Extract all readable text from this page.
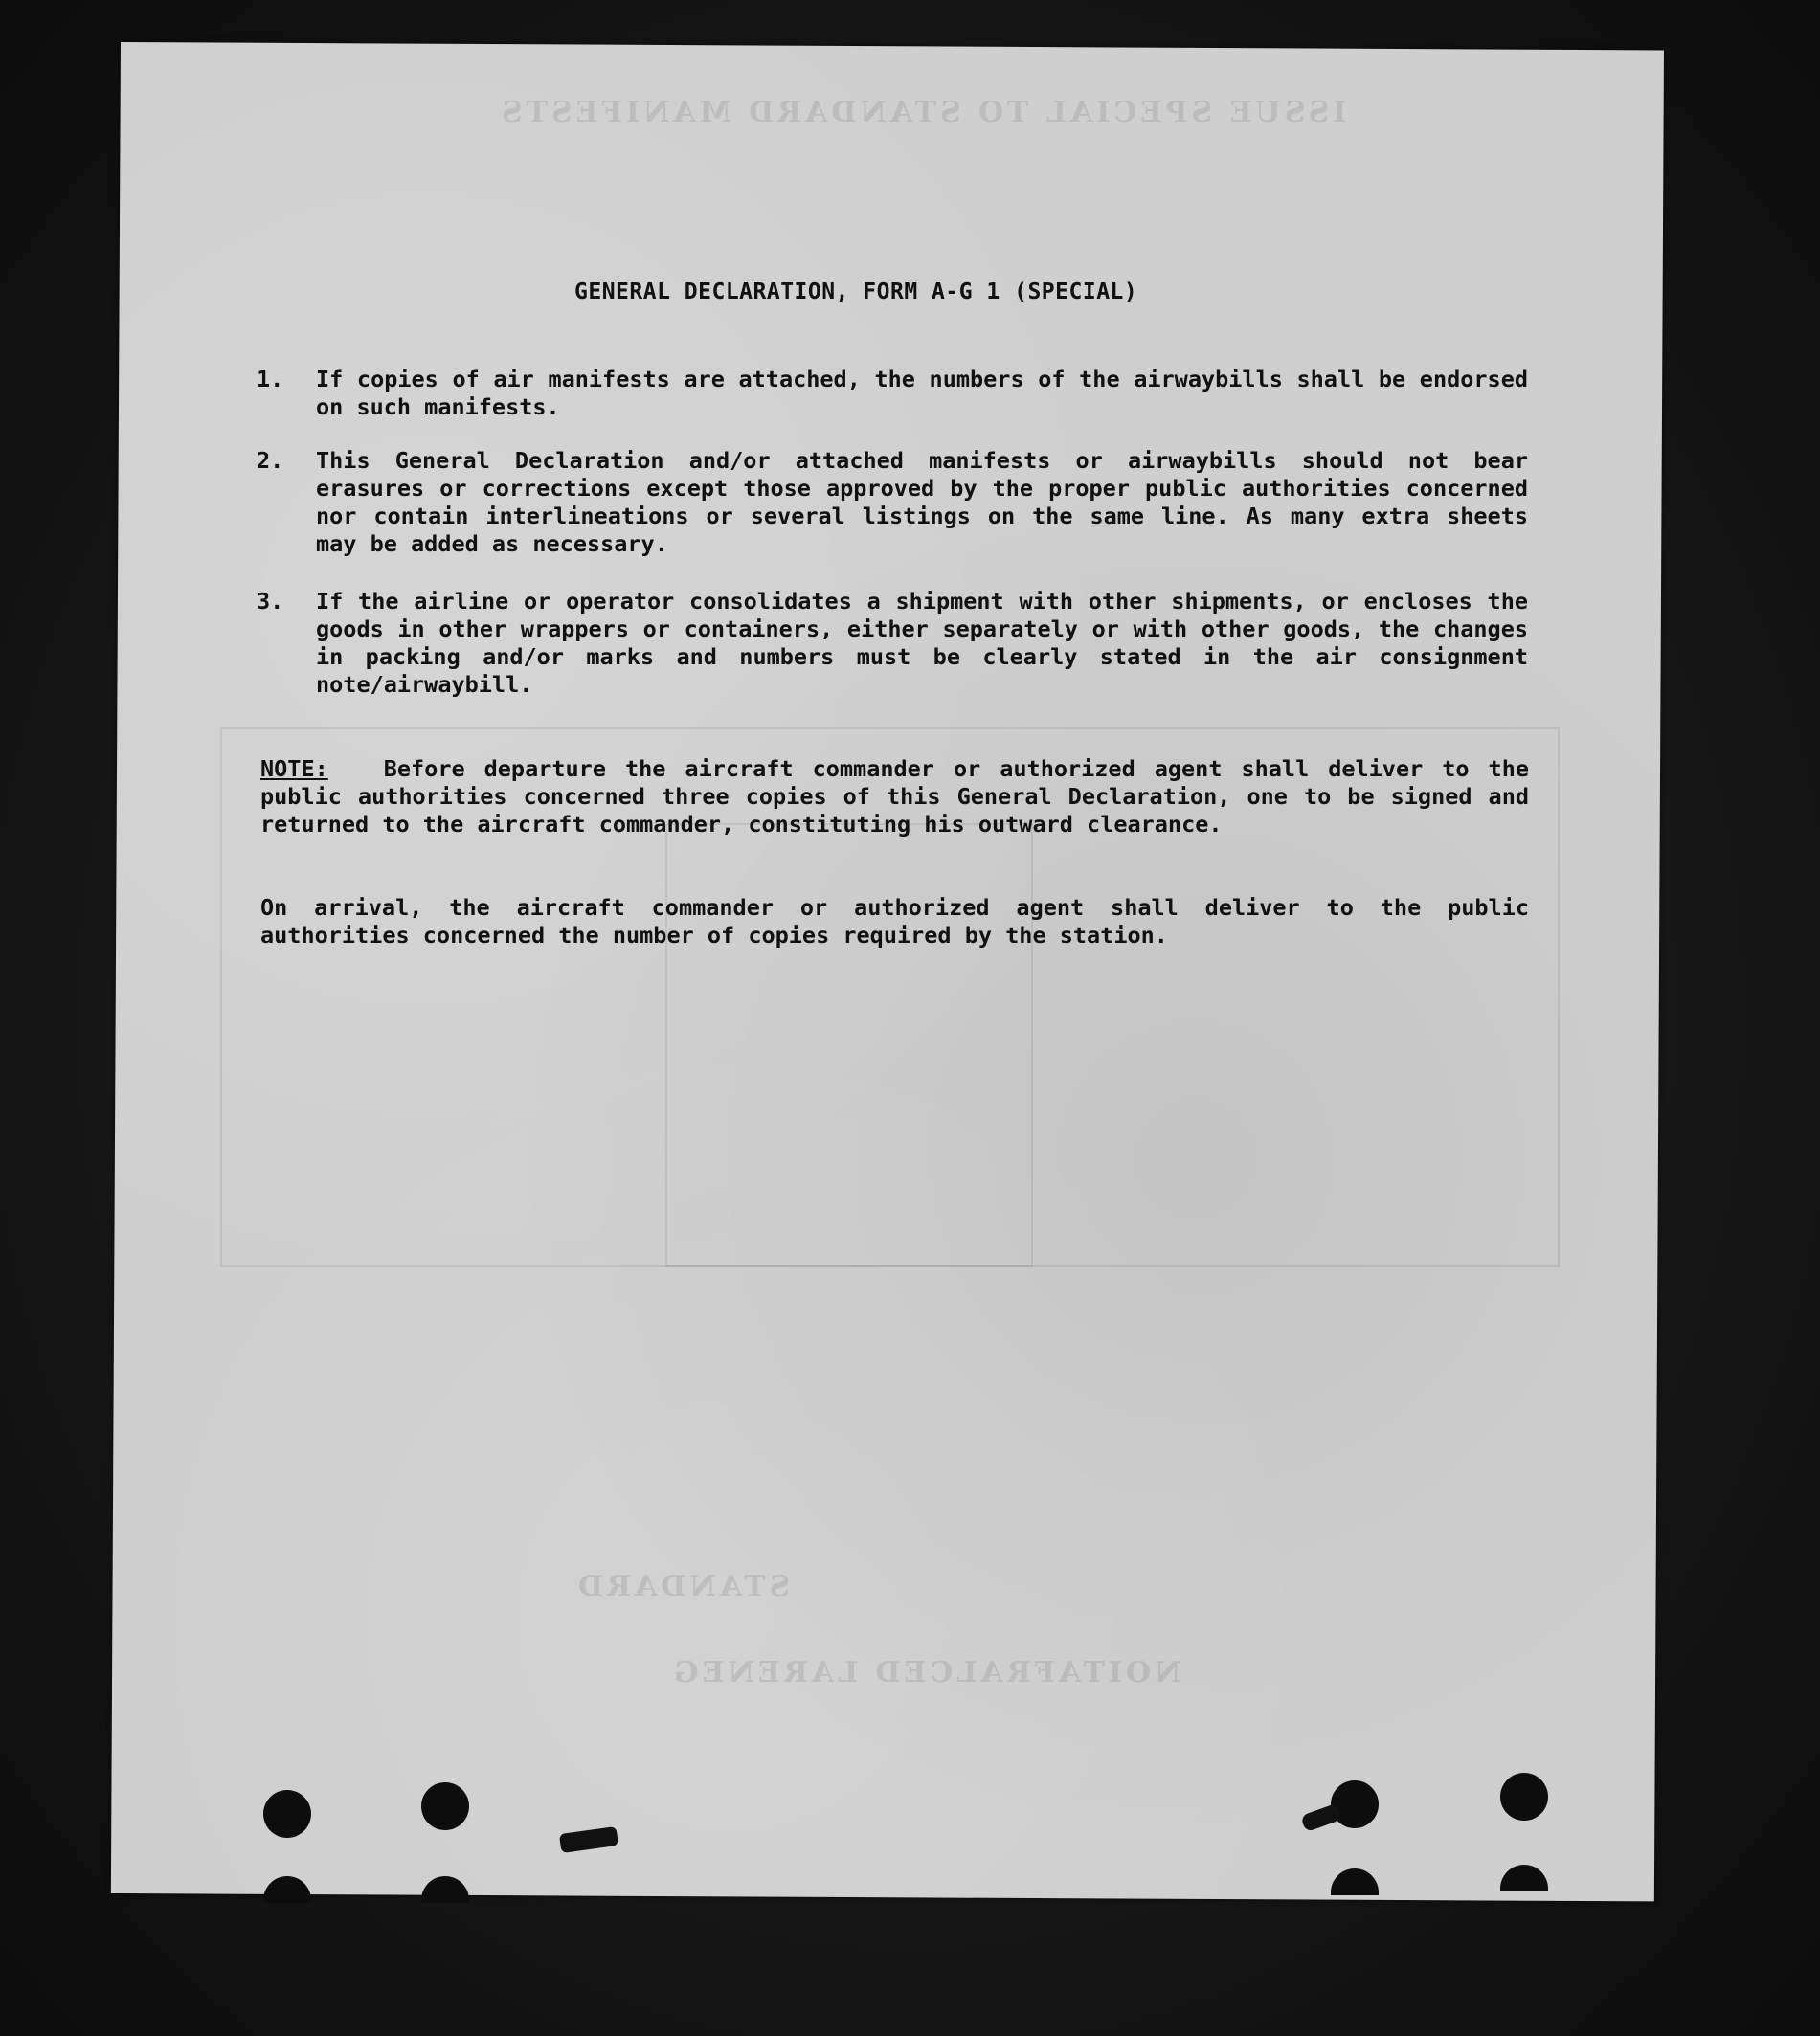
ISSUE SPECIAL TO STANDARD MANIFESTS
STANDARD
NOITAFRALCED LARENEG
GENERAL DECLARATION, FORM A-G 1 (SPECIAL)
1.	If copies of air manifests are attached, the numbers of the airwaybills shall be endorsed on such manifests.
2.	This General Declaration and/or attached manifests or airwaybills should not bear erasures or corrections except those approved by the proper public authorities concerned nor contain interlineations or several listings on the same line. As many extra sheets may be added as necessary.
3.	If the airline or operator consolidates a shipment with other shipments, or encloses the goods in other wrappers or containers, either separately or with other goods, the changes in packing and/or marks and numbers must be clearly stated in the air consignment note/airwaybill.
NOTE: Before departure the aircraft commander or authorized agent shall deliver to the public authorities concerned three copies of this General Declaration, one to be signed and returned to the aircraft commander, constituting his outward clearance.
On arrival, the aircraft commander or authorized agent shall deliver to the public authorities concerned the number of copies required by the station.
